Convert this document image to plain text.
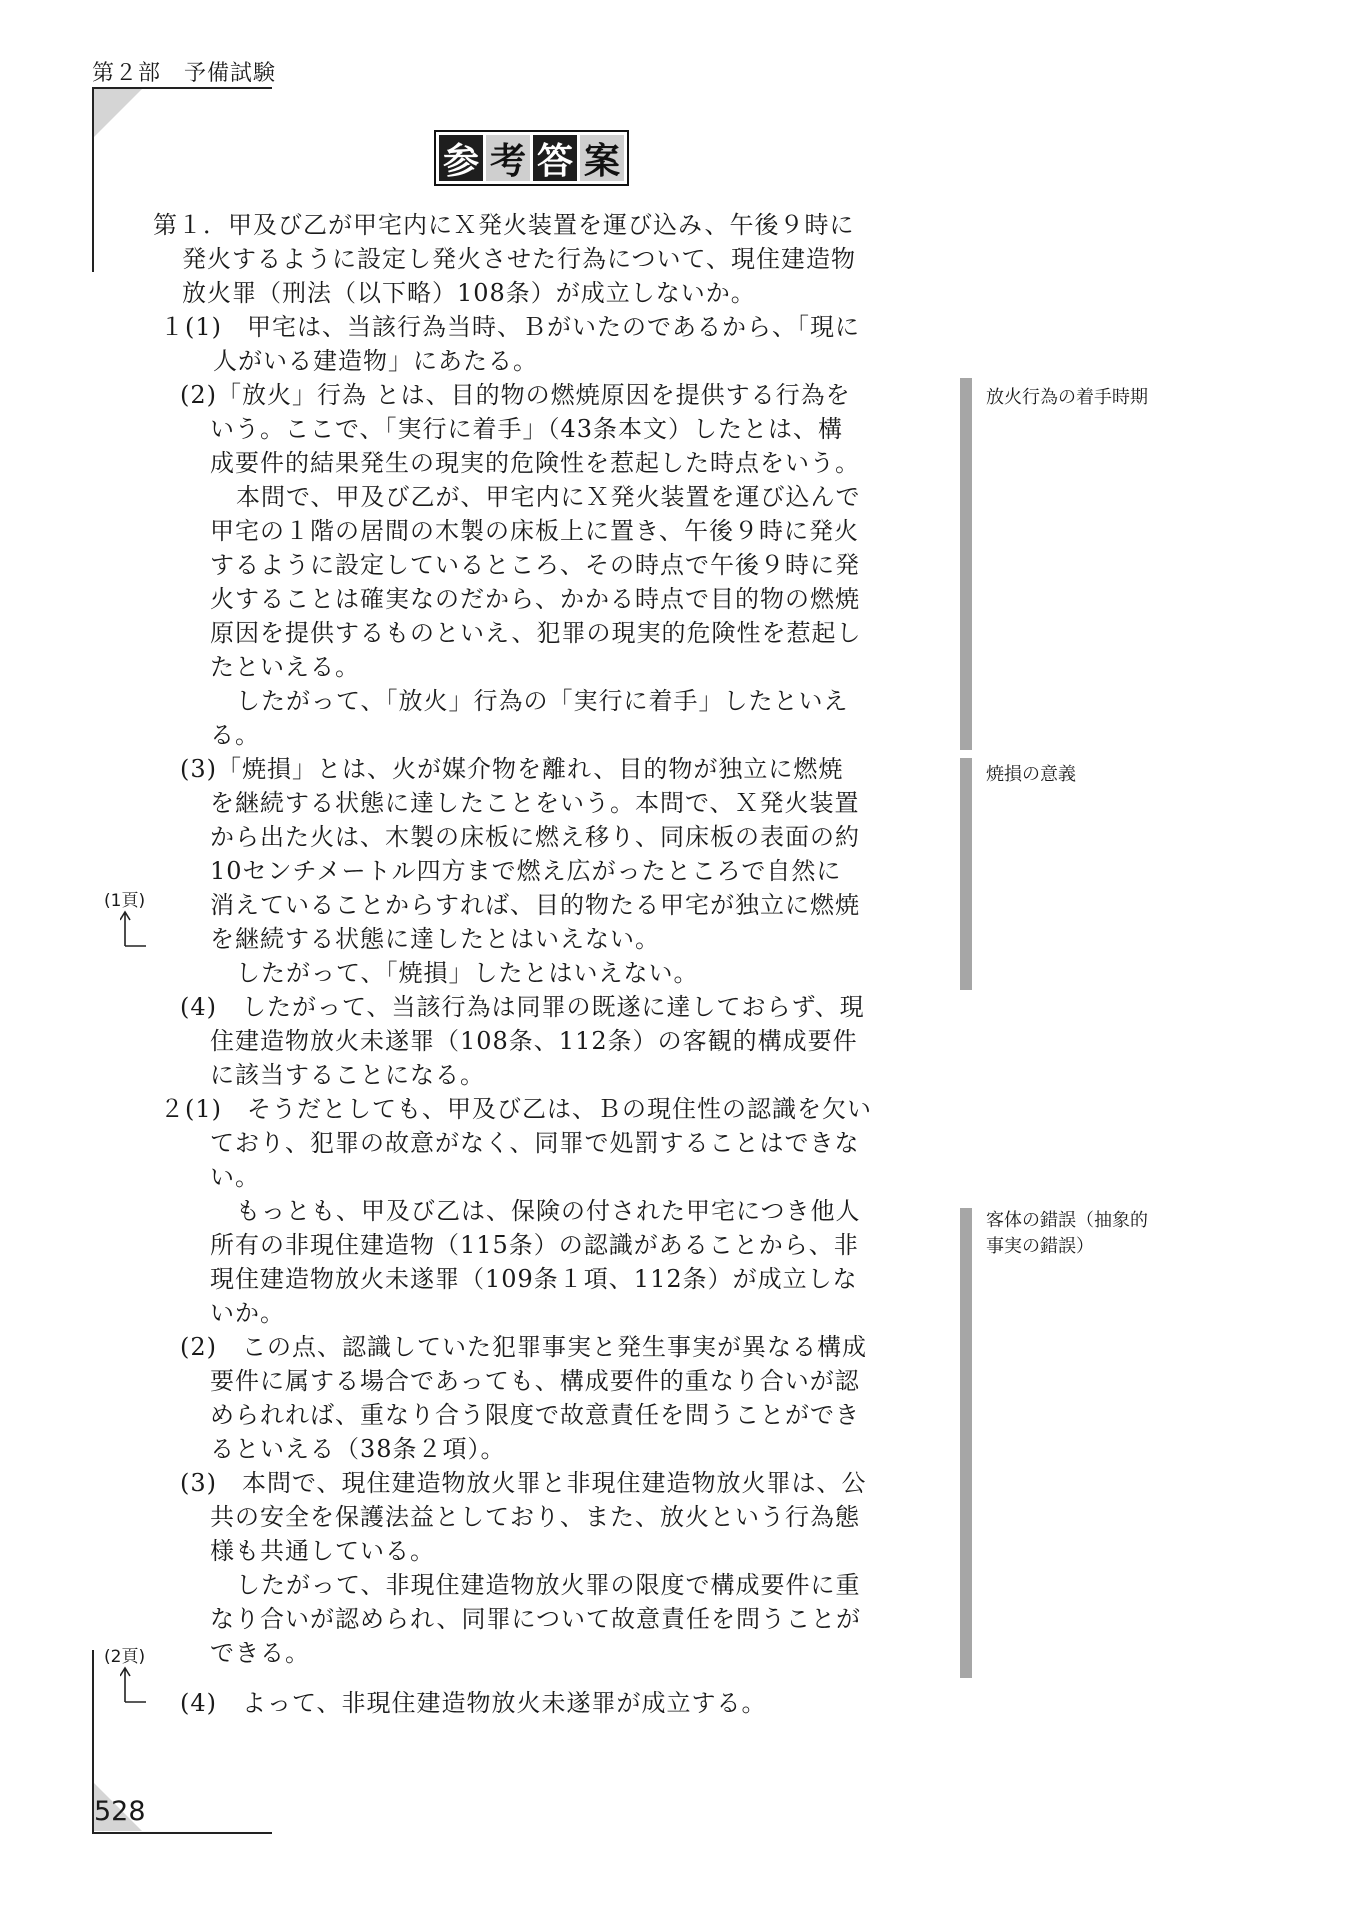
第２部　予備試験
参 考 答 案
第１．甲及び乙が甲宅内にＸ発火装置を運び込み、午後９時に
発火するように設定し発火させた行為について、現住建造物
放火罪（刑法（以下略）108条）が成立しないか。
１(1)　甲宅は、当該行為当時、Ｂがいたのであるから、「現に
人がいる建造物」にあたる。
(2)「放火」行為 とは、目的物の燃焼原因を提供する行為を
いう。ここで、「実行に着手」（43条本文）したとは、構
成要件的結果発生の現実的危険性を惹起した時点をいう。
本問で、甲及び乙が、甲宅内にＸ発火装置を運び込んで
甲宅の１階の居間の木製の床板上に置き、午後９時に発火
するように設定しているところ、その時点で午後９時に発
火することは確実なのだから、かかる時点で目的物の燃焼
原因を提供するものといえ、犯罪の現実的危険性を惹起し
たといえる。
したがって、「放火」行為の「実行に着手」したといえ
る。
(3)「焼損」とは、火が媒介物を離れ、目的物が独立に燃焼
を継続する状態に達したことをいう。本問で、Ｘ発火装置
から出た火は、木製の床板に燃え移り、同床板の表面の約
10センチメートル四方まで燃え広がったところで自然に
消えていることからすれば、目的物たる甲宅が独立に燃焼
を継続する状態に達したとはいえない。
したがって、「焼損」したとはいえない。
(4)　したがって、当該行為は同罪の既遂に達しておらず、現
住建造物放火未遂罪（108条、112条）の客観的構成要件
に該当することになる。
２(1)　そうだとしても、甲及び乙は、Ｂの現住性の認識を欠い
ており、犯罪の故意がなく、同罪で処罰することはできな
い。
もっとも、甲及び乙は、保険の付された甲宅につき他人
所有の非現住建造物（115条）の認識があることから、非
現住建造物放火未遂罪（109条１項、112条）が成立しな
いか。
(2)　この点、認識していた犯罪事実と発生事実が異なる構成
要件に属する場合であっても、構成要件的重なり合いが認
められれば、重なり合う限度で故意責任を問うことができ
るといえる（38条２項）。
(3)　本問で、現住建造物放火罪と非現住建造物放火罪は、公
共の安全を保護法益としており、また、放火という行為態
様も共通している。
したがって、非現住建造物放火罪の限度で構成要件に重
なり合いが認められ、同罪について故意責任を問うことが
できる。
(4)　よって、非現住建造物放火未遂罪が成立する。
放火行為の着手時期
焼損の意義
客体の錯誤（抽象的
事実の錯誤）
(1頁)
(2頁)
528
